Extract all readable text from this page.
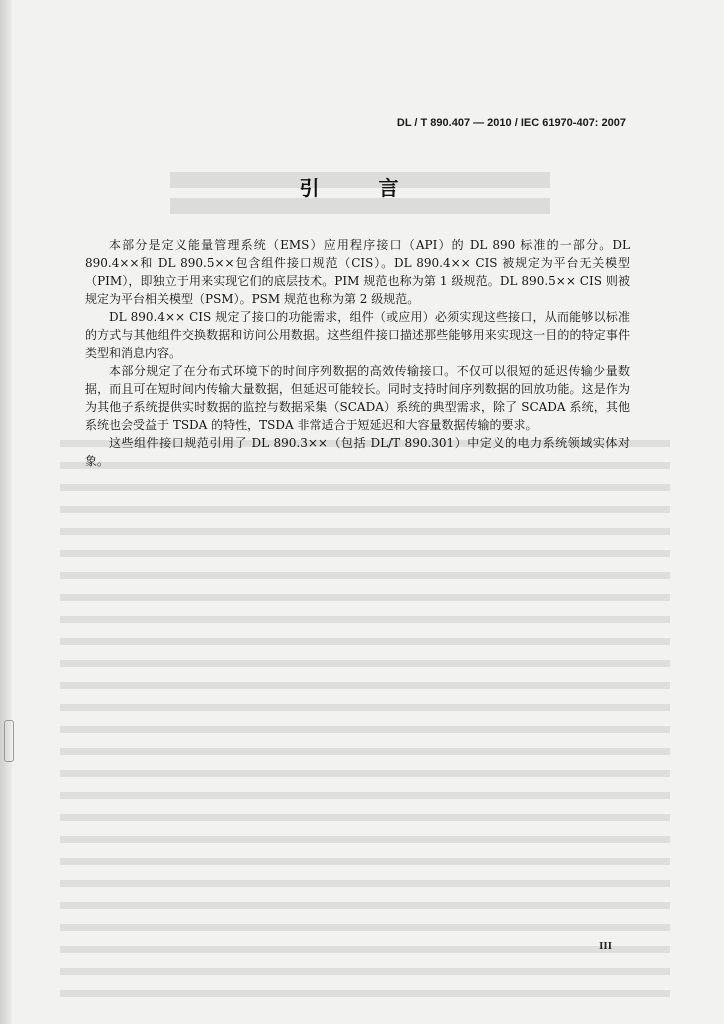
DL / T 890.407 — 2010 / IEC 61970-407: 2007
引 言

本部分是定义能量管理系统（EMS）应用程序接口（API）的 DL 890 标准的一部分。DL 890.4××和 DL 890.5××包含组件接口规范（CIS）。DL 890.4×× CIS 被规定为平台无关模型（PIM），即独立于用来实现它们的底层技术。PIM 规范也称为第 1 级规范。DL 890.5×× CIS 则被规定为平台相关模型（PSM）。PSM 规范也称为第 2 级规范。

DL 890.4×× CIS 规定了接口的功能需求，组件（或应用）必须实现这些接口，从而能够以标准的方式与其他组件交换数据和访问公用数据。这些组件接口描述那些能够用来实现这一目的的特定事件类型和消息内容。

本部分规定了在分布式环境下的时间序列数据的高效传输接口。不仅可以很短的延迟传输少量数据，而且可在短时间内传输大量数据，但延迟可能较长。同时支持时间序列数据的回放功能。这是作为为其他子系统提供实时数据的监控与数据采集（SCADA）系统的典型需求，除了 SCADA 系统，其他系统也会受益于 TSDA 的特性，TSDA 非常适合于短延迟和大容量数据传输的要求。

这些组件接口规范引用了 DL 890.3××（包括 DL/T 890.301）中定义的电力系统领域实体对象。

III
